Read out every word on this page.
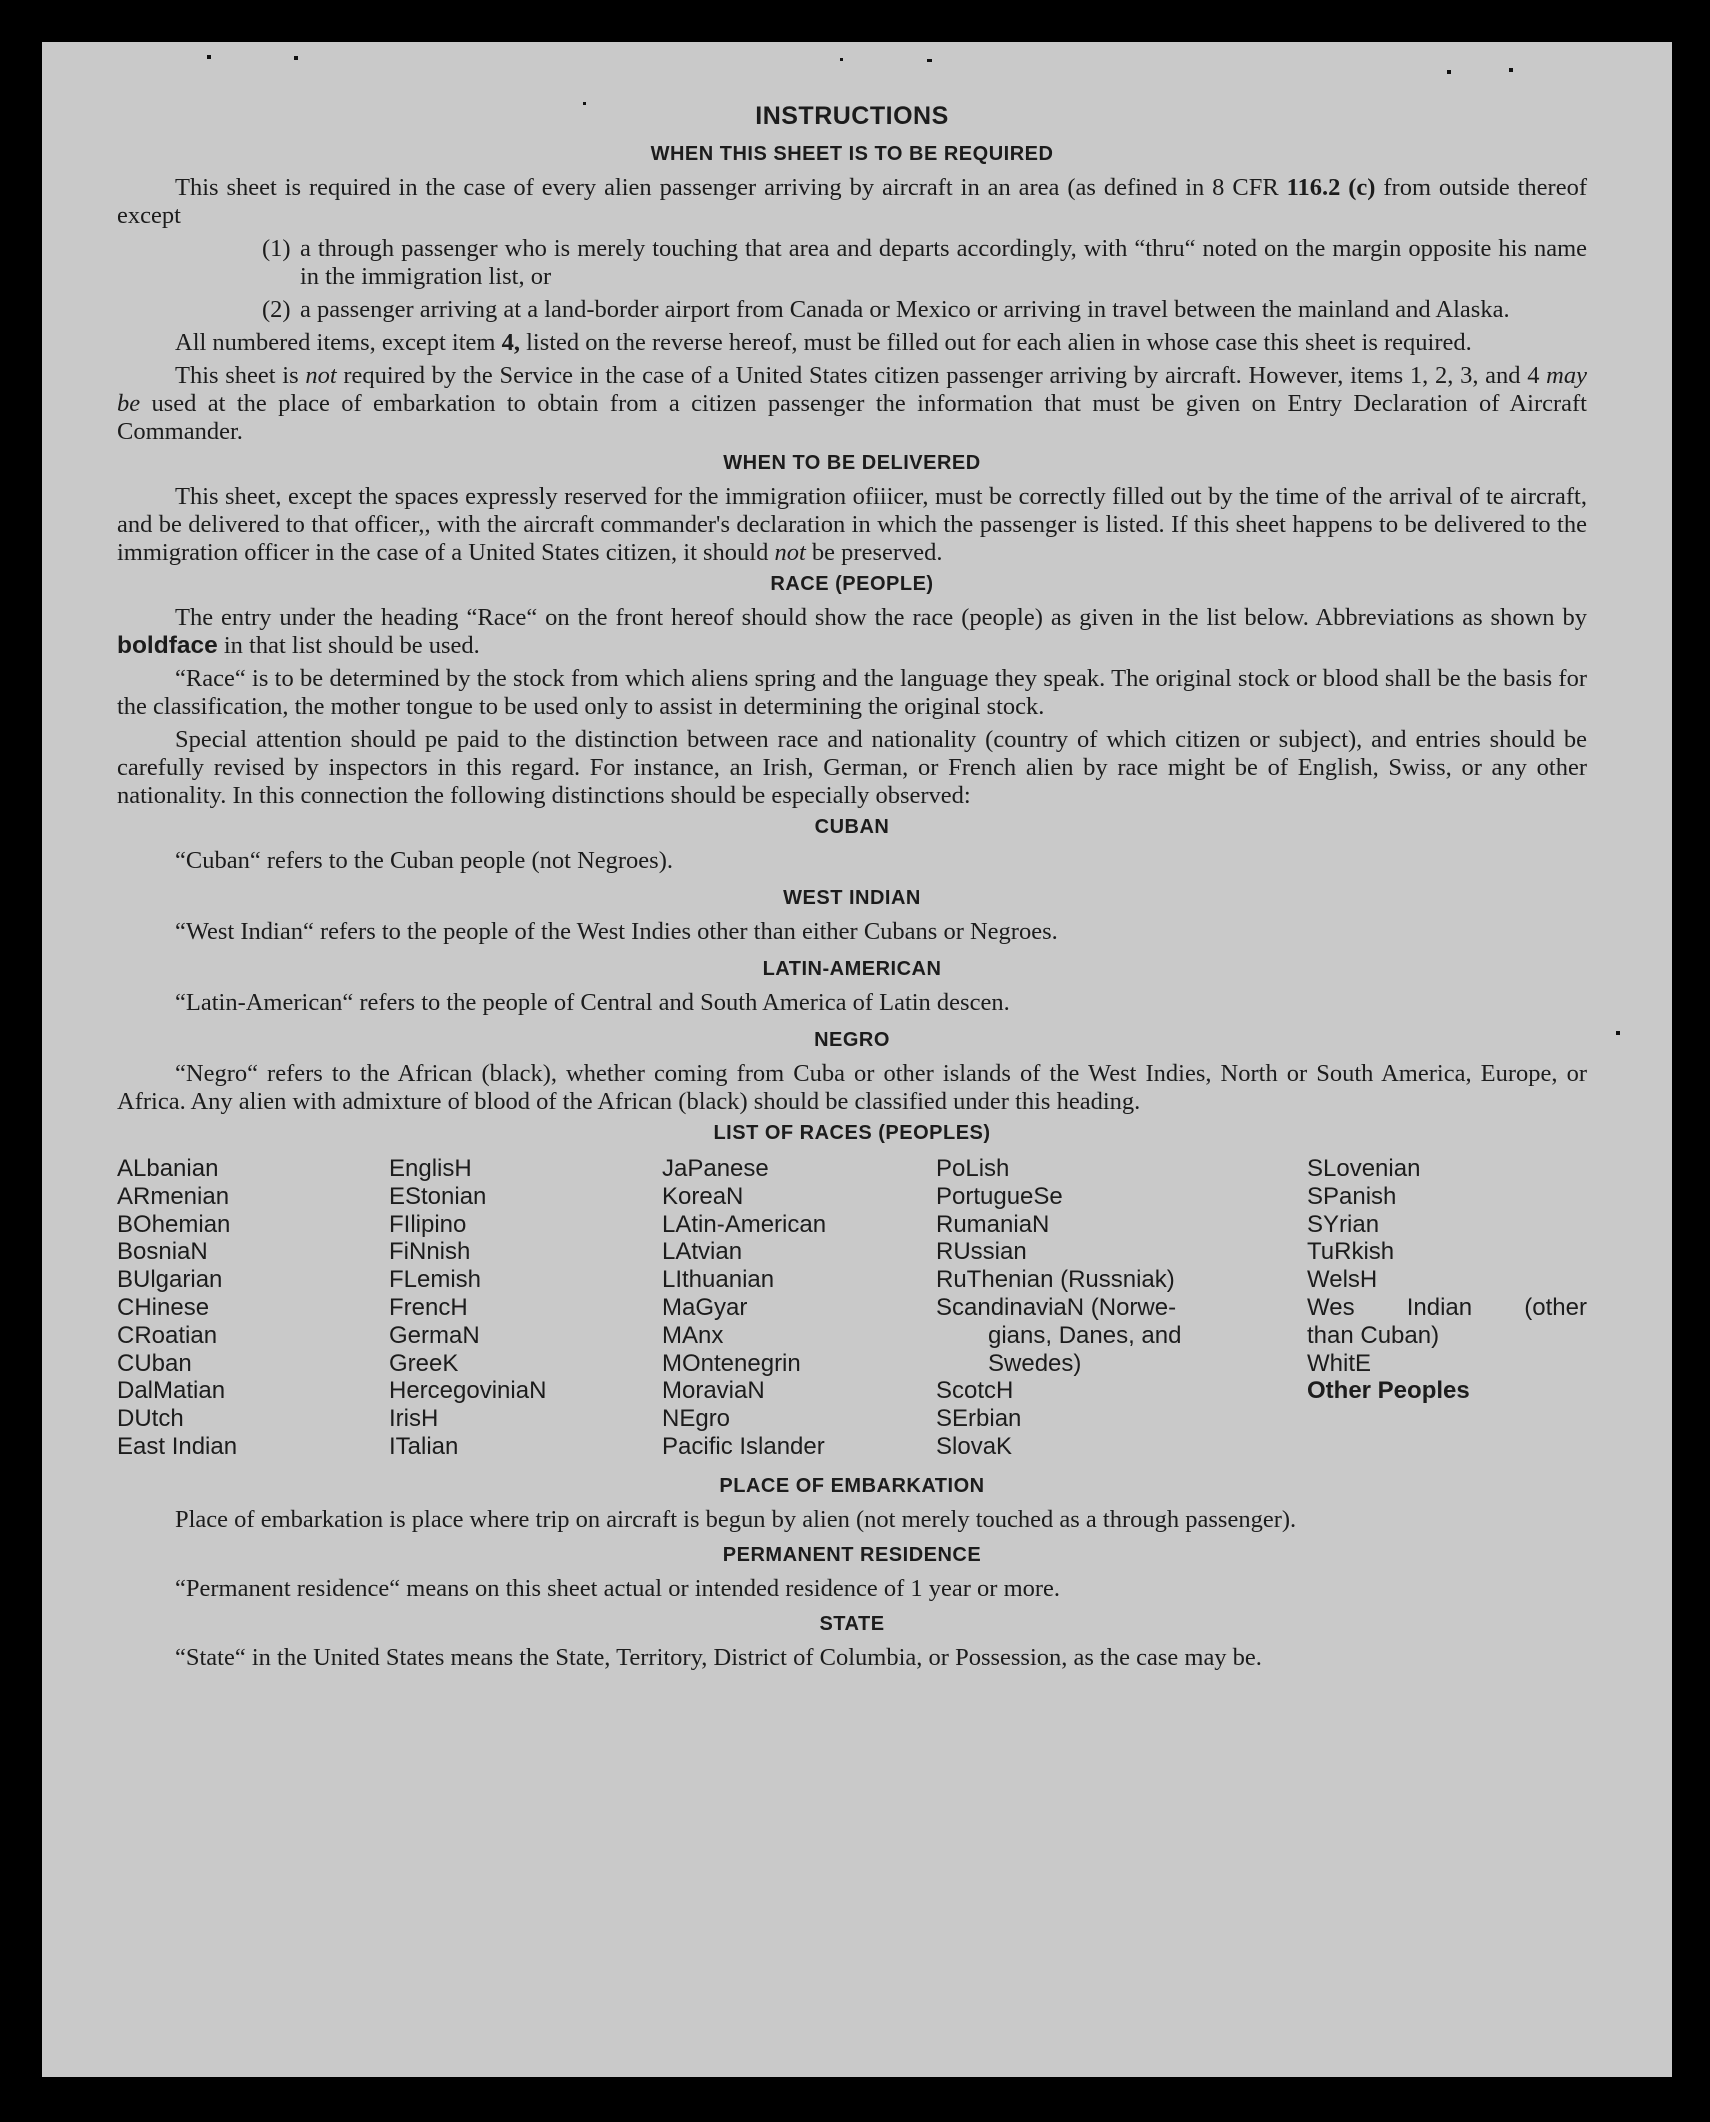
INSTRUCTIONS
WHEN THIS SHEET IS TO BE REQUIRED

This sheet is required in the case of every alien passenger arriving by aircraft in an area (as defined in 8 CFR 116.2 (c) from outside thereof except

(1) a through passenger who is merely touching that area and departs accordingly, with “thru“ noted on the margin opposite his name in the immigration list, or
(2) a passenger arriving at a land-border airport from Canada or Mexico or arriving in travel between the mainland and Alaska.

All numbered items, except item 4, listed on the reverse hereof, must be filled out for each alien in whose case this sheet is required.

This sheet is not required by the Service in the case of a United States citizen passenger arriving by aircraft. However, items 1, 2, 3, and 4 may be used at the place of embarkation to obtain from a citizen passenger the information that must be given on Entry Declaration of Aircraft Commander.

WHEN TO BE DELIVERED

This sheet, except the spaces expressly reserved for the immigration ofiiicer, must be correctly filled out by the time of the arrival of te aircraft, and be delivered to that officer,, with the aircraft commander's declaration in which the passenger is listed. If this sheet happens to be delivered to the immigration officer in the case of a United States citizen, it should not be preserved.

RACE (PEOPLE)

The entry under the heading “Race“ on the front hereof should show the race (people) as given in the list below. Abbreviations as shown by boldface in that list should be used.

“Race“ is to be determined by the stock from which aliens spring and the language they speak. The original stock or blood shall be the basis for the classification, the mother tongue to be used only to assist in determining the original stock.

Special attention should pe paid to the distinction between race and nationality (country of which citizen or subject), and entries should be carefully revised by inspectors in this regard. For instance, an Irish, German, or French alien by race might be of English, Swiss, or any other nationality. In this connection the following distinctions should be especially observed:

CUBAN

“Cuban“ refers to the Cuban people (not Negroes).

WEST INDIAN

“West Indian“ refers to the people of the West Indies other than either Cubans or Negroes.

LATIN-AMERICAN

“Latin-American“ refers to the people of Central and South America of Latin descen.

NEGRO

“Negro“ refers to the African (black), whether coming from Cuba or other islands of the West Indies, North or South America, Europe, or Africa. Any alien with admixture of blood of the African (black) should be classified under this heading.

LIST OF RACES (PEOPLES)
ALbanian
ARmenian
BOhemian
BosniaN
BUlgarian
CHinese
CRoatian
CUban
DalMatian
DUtch
East Indian
EnglisH
EStonian
FIlipino
FiNnish
FLemish
FrencH
GermaN
GreeK
HercegoviniaN
IrisH
ITalian
JaPanese
KoreaN
LAtin-American
LAtvian
LIthuanian
MaGyar
MAnx
MOntenegrin
MoraviaN
NEgro
Pacific Islander
PoLish
PortugueSe
RumaniaN
RUssian
RuThenian (Russniak)
ScandinaviaN (Norwe-
gians, Danes, and
Swedes)
ScotcH
SErbian
SlovaK
SLovenian
SPanish
SYrian
TuRkish
WelsH
Wes Indian (other
than Cuban)
WhitE
Other Peoples
PLACE OF EMBARKATION

Place of embarkation is place where trip on aircraft is begun by alien (not merely touched as a through passenger).

PERMANENT RESIDENCE

“Permanent residence“ means on this sheet actual or intended residence of 1 year or more.

STATE

“State“ in the United States means the State, Territory, District of Columbia, or Possession, as the case may be.
